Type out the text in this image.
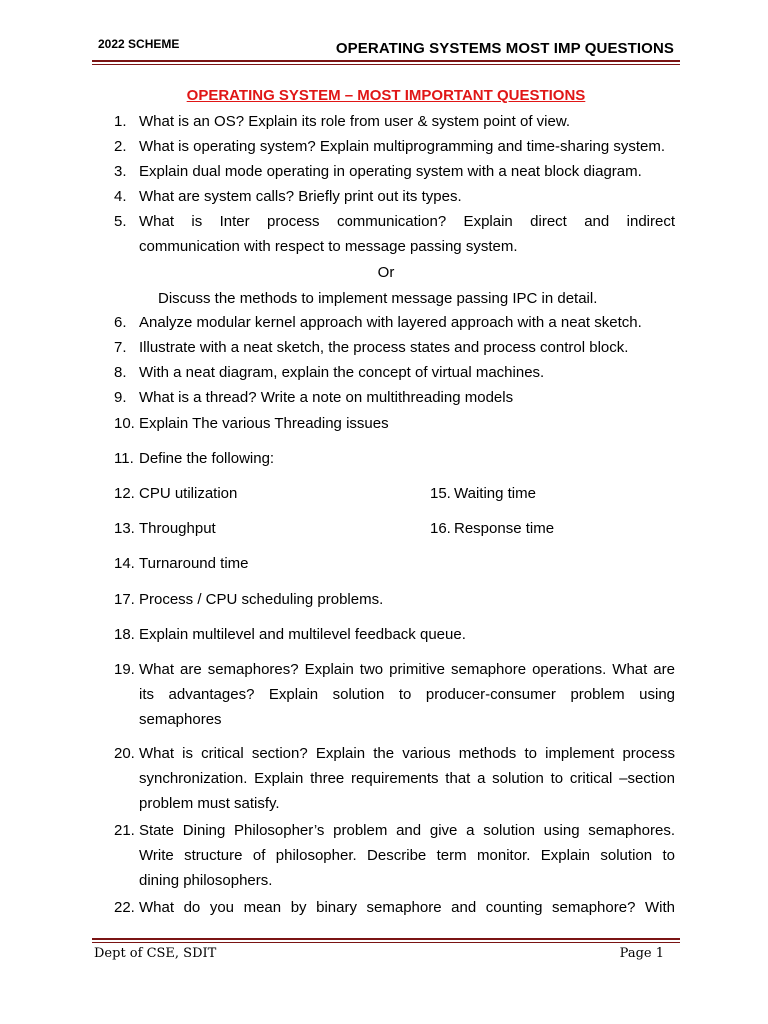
2022 SCHEME	OPERATING SYSTEMS MOST IMP QUESTIONS
OPERATING SYSTEM – MOST IMPORTANT QUESTIONS
1. What is an OS? Explain its role from user & system point of view.
2. What is operating system? Explain multiprogramming and time-sharing system.
3. Explain dual mode operating in operating system with a neat block diagram.
4. What are system calls? Briefly print out its types.
5. What is Inter process communication? Explain direct and indirect
communication with respect to message passing system.
Or
Discuss the methods to implement message passing IPC in detail.
6. Analyze modular kernel approach with layered approach with a neat sketch.
7. Illustrate with a neat sketch, the process states and process control block.
8. With a neat diagram, explain the concept of virtual machines.
9. What is a thread? Write a note on multithreading models
10. Explain The various Threading issues
11. Define the following:
12. CPU utilization	15. Waiting time
13. Throughput	16. Response time
14. Turnaround time
17. Process / CPU scheduling problems.
18. Explain multilevel and multilevel feedback queue.
19. What are semaphores? Explain two primitive semaphore operations. What are
its advantages? Explain solution to producer-consumer problem using
semaphores
20. What is critical section? Explain the various methods to implement process
synchronization. Explain three requirements that a solution to critical –section
problem must satisfy.
21. State Dining Philosopher’s problem and give a solution using semaphores.
Write structure of philosopher. Describe term monitor. Explain solution to
dining philosophers.
22. What do you mean by binary semaphore and counting semaphore? With
Dept of CSE, SDIT	Page 1
